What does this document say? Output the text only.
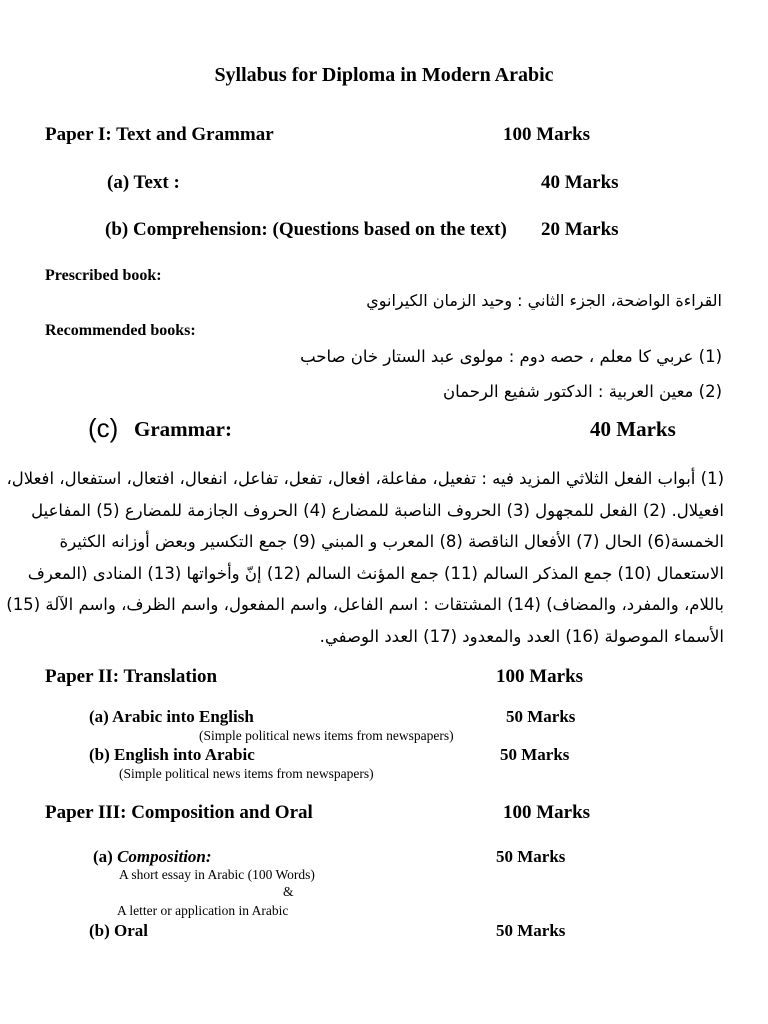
Syllabus for Diploma in Modern Arabic
Paper I: Text and Grammar	100 Marks
(a) Text :	40 Marks
(b) Comprehension: (Questions based on the text) 20 Marks
Prescribed book:
القراءة الواضحة، الجزء الثاني : وحيد الزمان الكيرانوي
Recommended books:
(1) عربي كا معلم ، حصه دوم : مولوى عبد الستار خان صاحب
(2) معين العربية : الدكتور شفيع الرحمان
(c) Grammar:	40 Marks
(1) أبواب الفعل الثلاثي المزيد فيه : تفعيل، مفاعلة، افعال، تفعل، تفاعل، انفعال، افتعال، استفعال، افعلال،
افعيلال. (2) الفعل للمجهول (3) الحروف الناصبة للمضارع (4) الحروف الجازمة للمضارع (5) المفاعيل
الخمسة(6) الحال (7) الأفعال الناقصة (8) المعرب و المبني (9) جمع التكسير وبعض أوزانه الكثيرة
الاستعمال (10) جمع المذكر السالم (11) جمع المؤنث السالم (12) إنّ وأخواتها (13) المنادى (المعرف
باللام، والمفرد، والمضاف) (14) المشتقات : اسم الفاعل، واسم المفعول، واسم الظرف، واسم الآلة (15)
الأسماء الموصولة (16) العدد والمعدود (17) العدد الوصفي.
Paper II: Translation	100 Marks
(a) Arabic into English	50 Marks
(Simple political news items from newspapers)
(b) English into Arabic	50 Marks
(Simple political news items from newspapers)
Paper III: Composition and Oral	100 Marks
(a) Composition:	50 Marks
A short essay in Arabic (100 Words)
&
A letter or application in Arabic
(b) Oral	50 Marks
